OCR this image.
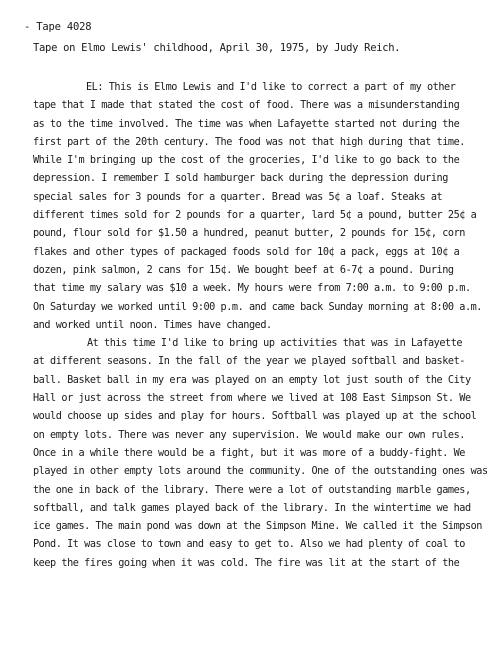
- Tape 4028
Tape on Elmo Lewis' childhood, April 30, 1975, by Judy Reich.
EL: This is Elmo Lewis and I'd like to correct a part of my other
tape that I made that stated the cost of food. There was a misunderstanding
as to the time involved. The time was when Lafayette started not during the
first part of the 20th century. The food was not that high during that time.
While I'm bringing up the cost of the groceries, I'd like to go back to the
depression. I remember I sold hamburger back during the depression during
special sales for 3 pounds for a quarter. Bread was 5¢ a loaf. Steaks at
different times sold for 2 pounds for a quarter, lard 5¢ a pound, butter 25¢ a
pound, flour sold for $1.50 a hundred, peanut butter, 2 pounds for 15¢, corn
flakes and other types of packaged foods sold for 10¢ a pack, eggs at 10¢ a
dozen, pink salmon, 2 cans for 15¢. We bought beef at 6-7¢ a pound. During
that time my salary was $10 a week. My hours were from 7:00 a.m. to 9:00 p.m.
On Saturday we worked until 9:00 p.m. and came back Sunday morning at 8:00 a.m.
and worked until noon. Times have changed.
At this time I'd like to bring up activities that was in Lafayette
at different seasons. In the fall of the year we played softball and basket-
ball. Basket ball in my era was played on an empty lot just south of the City
Hall or just across the street from where we lived at 108 East Simpson St. We
would choose up sides and play for hours. Softball was played up at the school
on empty lots. There was never any supervision. We would make our own rules.
Once in a while there would be a fight, but it was more of a buddy-fight. We
played in other empty lots around the community. One of the outstanding ones was
the one in back of the library. There were a lot of outstanding marble games,
softball, and talk games played back of the library. In the wintertime we had
ice games. The main pond was down at the Simpson Mine. We called it the Simpson
Pond. It was close to town and easy to get to. Also we had plenty of coal to
keep the fires going when it was cold. The fire was lit at the start of the
